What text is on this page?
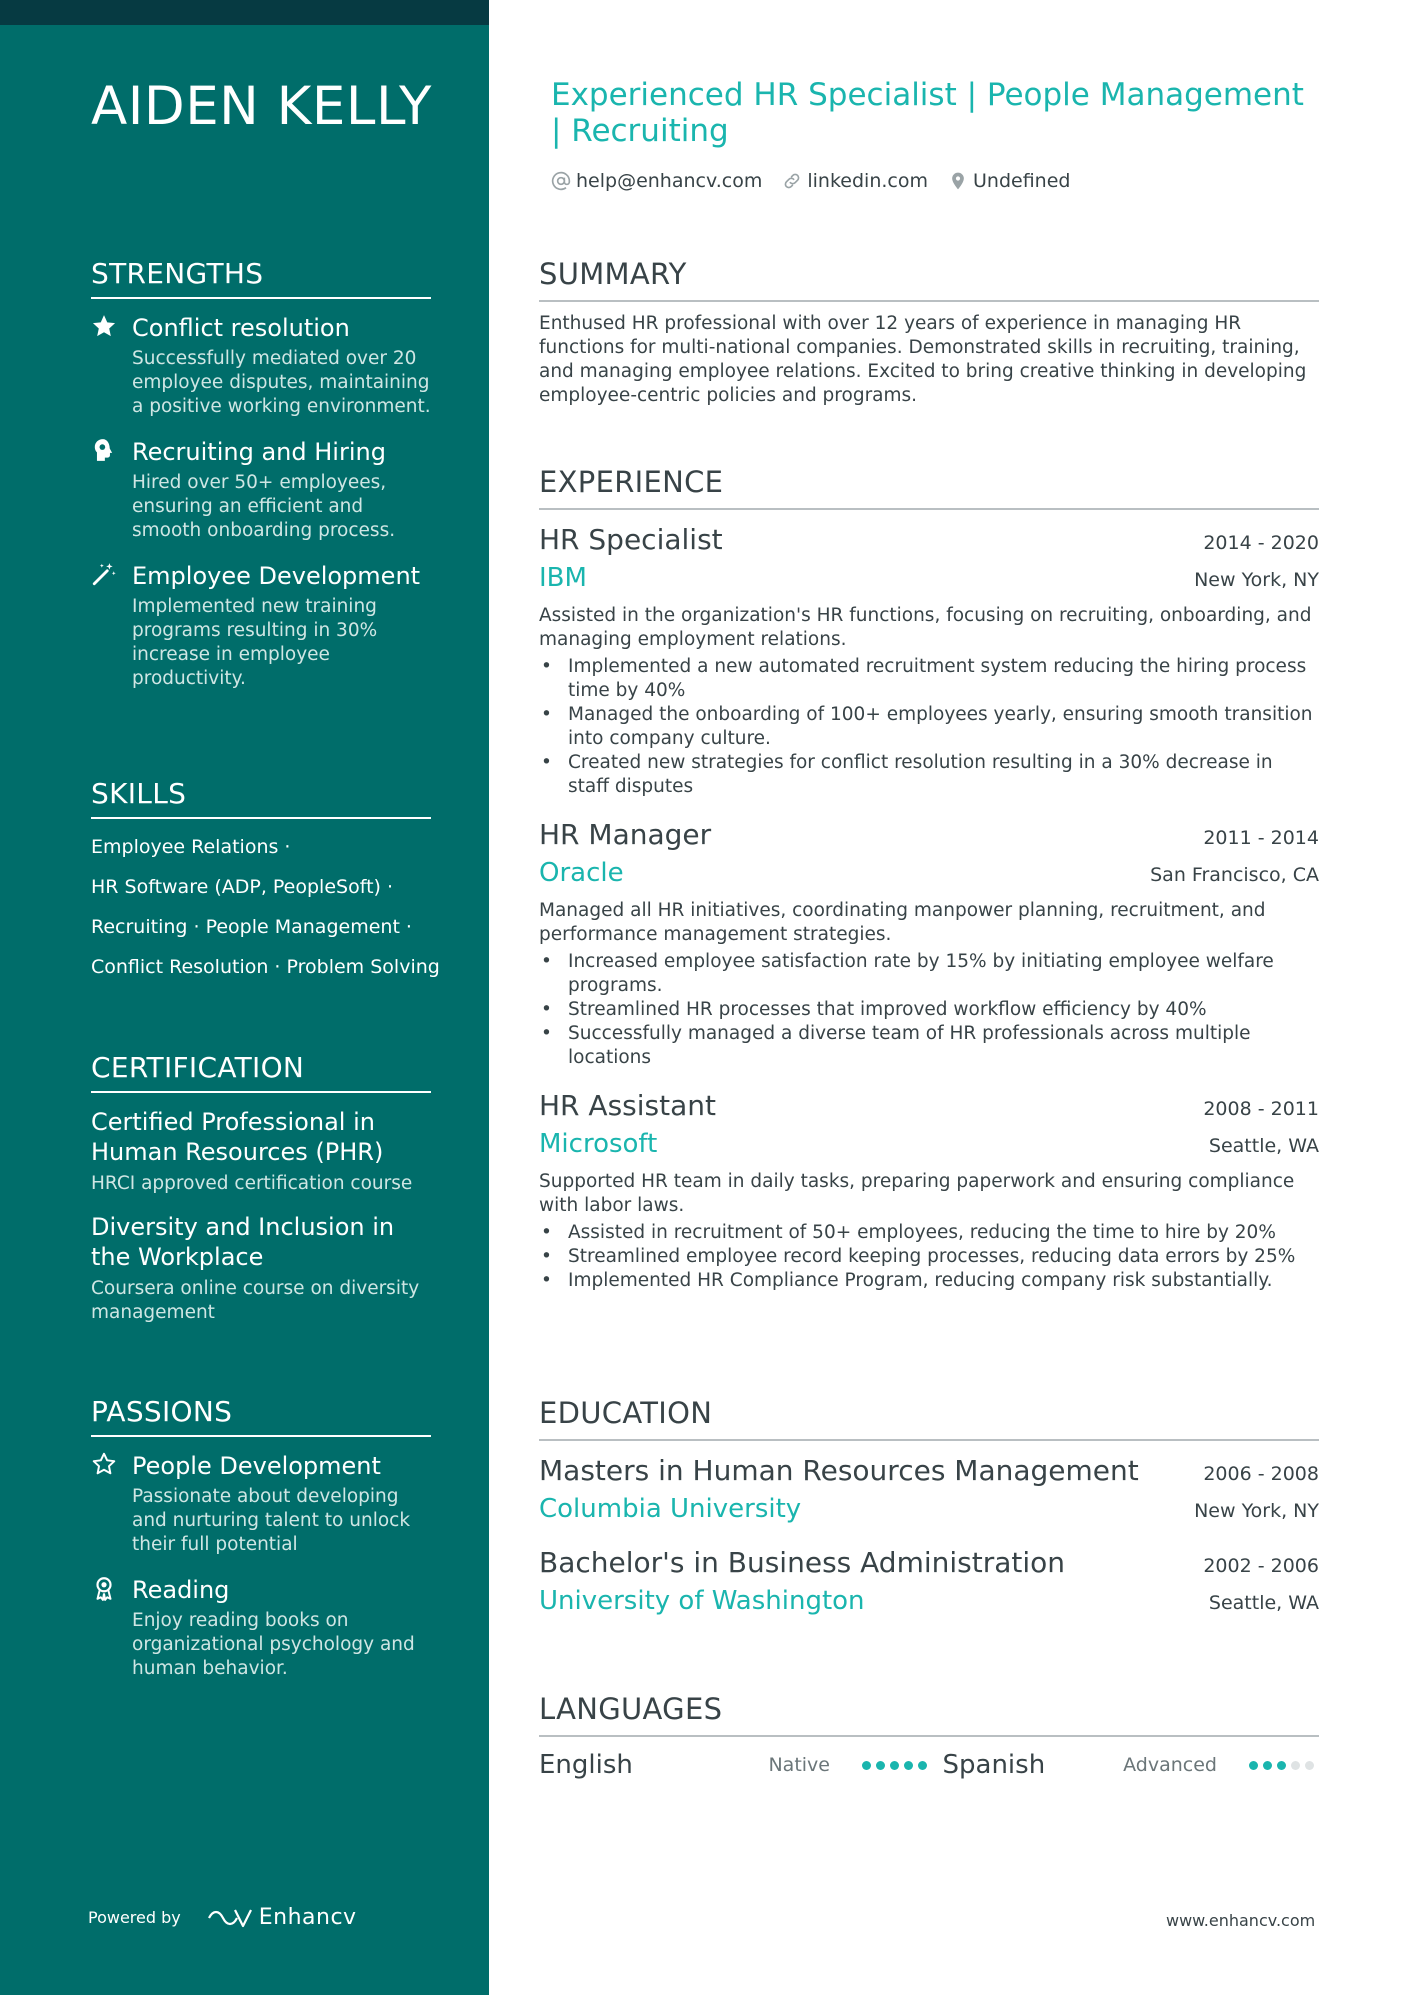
AIDEN KELLY
STRENGTHS
Conflict resolution
Successfully mediated over 20 employee disputes, maintaining a positive working environment.
Recruiting and Hiring
Hired over 50+ employees, ensuring an efficient and smooth onboarding process.
Employee Development
Implemented new training programs resulting in 30% increase in employee productivity.
SKILLS
Employee Relations ·
HR Software (ADP, PeopleSoft) ·
Recruiting · People Management ·
Conflict Resolution · Problem Solving
CERTIFICATION
Certified Professional in Human Resources (PHR)
HRCI approved certification course
Diversity and Inclusion in the Workplace
Coursera online course on diversity management
PASSIONS
People Development
Passionate about developing and nurturing talent to unlock their full potential
Reading
Enjoy reading books on organizational psychology and human behavior.
Powered by	Enhancv
Experienced HR Specialist | People Management | Recruiting
help@enhancv.com linkedin.com Undefined
SUMMARY
Enthused HR professional with over 12 years of experience in managing HR functions for multi-national companies. Demonstrated skills in recruiting, training, and managing employee relations. Excited to bring creative thinking in developing employee-centric policies and programs.
EXPERIENCE
HR Specialist	2014 - 2020
IBM	New York, NY
Assisted in the organization's HR functions, focusing on recruiting, onboarding, and managing employment relations.
• Implemented a new automated recruitment system reducing the hiring process time by 40%
• Managed the onboarding of 100+ employees yearly, ensuring smooth transition into company culture.
• Created new strategies for conflict resolution resulting in a 30% decrease in staff disputes
HR Manager	2011 - 2014
Oracle	San Francisco, CA
Managed all HR initiatives, coordinating manpower planning, recruitment, and performance management strategies.
• Increased employee satisfaction rate by 15% by initiating employee welfare programs.
• Streamlined HR processes that improved workflow efficiency by 40%
• Successfully managed a diverse team of HR professionals across multiple locations
HR Assistant	2008 - 2011
Microsoft	Seattle, WA
Supported HR team in daily tasks, preparing paperwork and ensuring compliance with labor laws.
• Assisted in recruitment of 50+ employees, reducing the time to hire by 20%
• Streamlined employee record keeping processes, reducing data errors by 25%
• Implemented HR Compliance Program, reducing company risk substantially.
EDUCATION
Masters in Human Resources Management	2006 - 2008
Columbia University	New York, NY
Bachelor's in Business Administration	2002 - 2006
University of Washington	Seattle, WA
LANGUAGES
English	Native	Spanish	Advanced
www.enhancv.com
